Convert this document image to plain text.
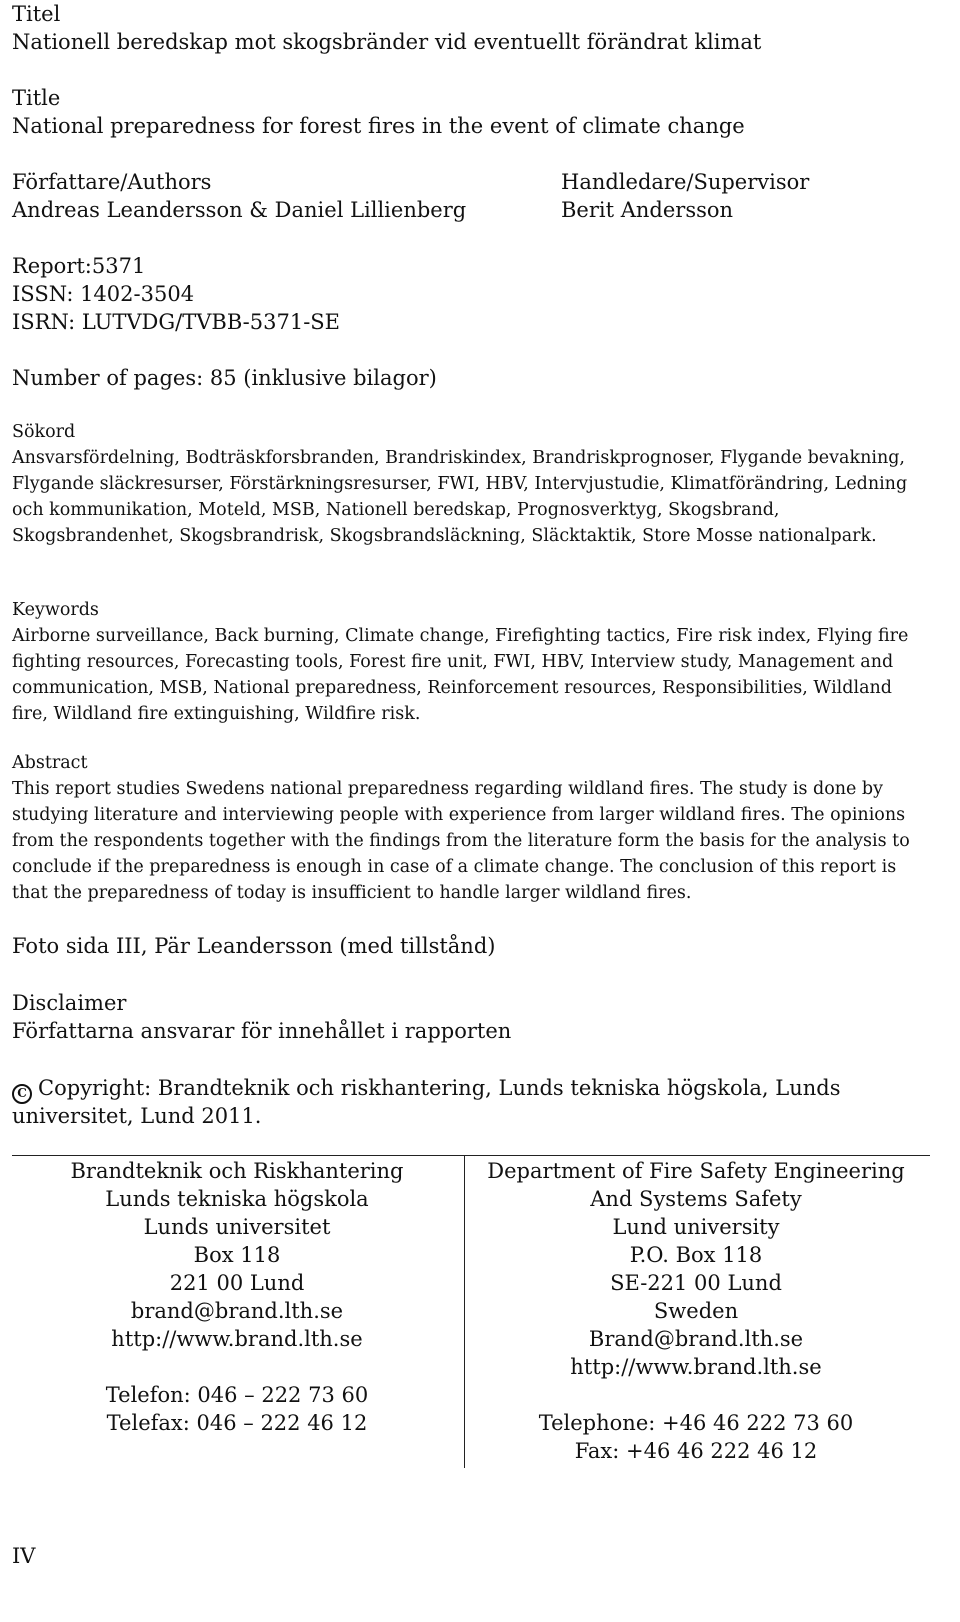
Titel
Nationell beredskap mot skogsbränder vid eventuellt förändrat klimat
Title
National preparedness for forest fires in the event of climate change
Författare/Authors
Andreas Leandersson & Daniel Lillienberg
Handledare/Supervisor
Berit Andersson
Report:5371
ISSN: 1402-3504
ISRN: LUTVDG/TVBB-5371-SE
Number of pages: 85 (inklusive bilagor)
Sökord

Ansvarsfördelning, Bodträskforsbranden, Brandriskindex, Brandriskprognoser, Flygande bevakning, Flygande släckresurser, Förstärkningsresurser, FWI, HBV, Intervjustudie, Klimatförändring, Ledning och kommunikation, Moteld, MSB, Nationell beredskap, Prognosverktyg, Skogsbrand, Skogsbrandenhet, Skogsbrandrisk, Skogsbrandsläckning, Släcktaktik, Store Mosse nationalpark.

Keywords

Airborne surveillance, Back burning, Climate change, Firefighting tactics, Fire risk index, Flying fire fighting resources, Forecasting tools, Forest fire unit, FWI, HBV, Interview study, Management and communication, MSB, National preparedness, Reinforcement resources, Responsibilities, Wildland fire, Wildland fire extinguishing, Wildfire risk.

Abstract

This report studies Swedens national preparedness regarding wildland fires. The study is done by studying literature and interviewing people with experience from larger wildland fires. The opinions from the respondents together with the findings from the literature form the basis for the analysis to conclude if the preparedness is enough in case of a climate change. The conclusion of this report is that the preparedness of today is insufficient to handle larger wildland fires.

Foto sida III, Pär Leandersson (med tillstånd)
Disclaimer
Författarna ansvarar för innehållet i rapporten
C Copyright: Brandteknik och riskhantering, Lunds tekniska högskola, Lunds
universitet, Lund 2011.
Brandteknik och Riskhantering
Lunds tekniska högskola
Lunds universitet
Box 118
221 00 Lund
brand@brand.lth.se
http://www.brand.lth.se
Telefon: 046 – 222 73 60
Telefax: 046 – 222 46 12
Department of Fire Safety Engineering
And Systems Safety
Lund university
P.O. Box 118
SE-221 00 Lund
Sweden
Brand@brand.lth.se
http://www.brand.lth.se
Telephone: +46 46 222 73 60
Fax: +46 46 222 46 12
IV
